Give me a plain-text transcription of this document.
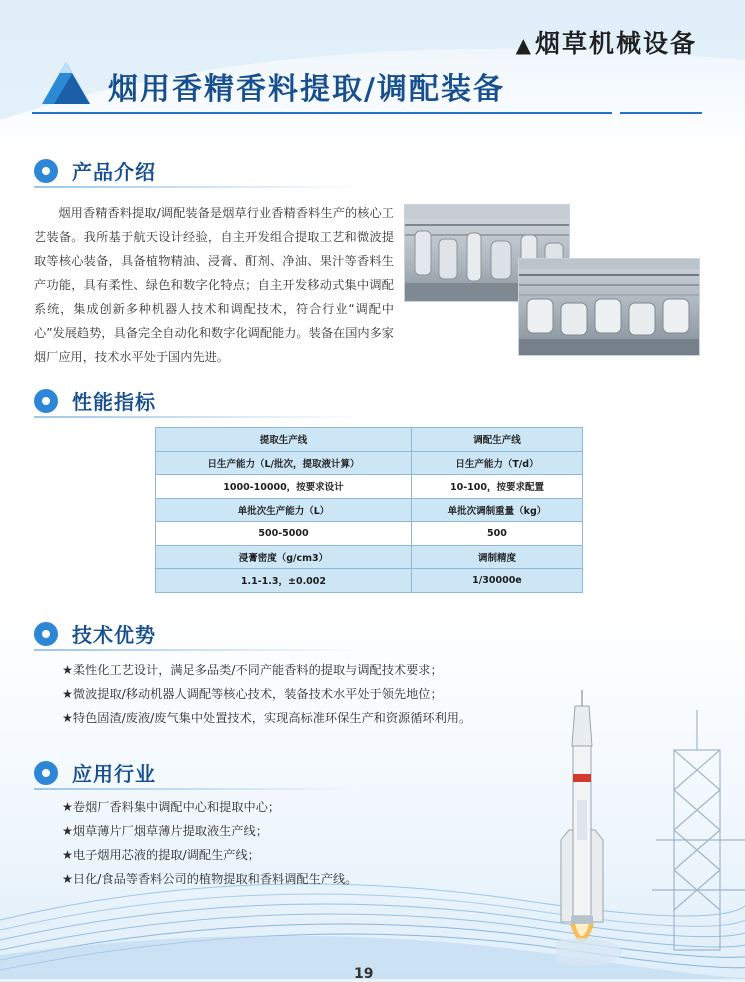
▲烟草机械设备
烟用香精香料提取/调配装备
产品介绍
烟用香精香料提取/调配装备是烟草行业香精香料生产的核心工艺装备。我所基于航天设计经验，自主开发组合提取工艺和微波提取等核心装备，具备植物精油、浸膏、酊剂、净油、果汁等香料生产功能，具有柔性、绿色和数字化特点；自主开发移动式集中调配系统，集成创新多种机器人技术和调配技术，符合行业“调配中心”发展趋势，具备完全自动化和数字化调配能力。装备在国内多家烟厂应用，技术水平处于国内先进。
性能指标
提取生产线	调配生产线
日生产能力（L/批次，提取液计算）	日生产能力（T/d）
1000-10000，按要求设计	10-100，按要求配置
单批次生产能力（L）	单批次调制重量（kg）
500-5000	500
浸膏密度（g/cm3）	调制精度
1.1-1.3，±0.002	1/30000e
技术优势
★柔性化工艺设计，满足多品类/不同产能香料的提取与调配技术要求；
★微波提取/移动机器人调配等核心技术，装备技术水平处于领先地位；
★特色固渣/废液/废气集中处置技术，实现高标准环保生产和资源循环利用。
应用行业
★卷烟厂香料集中调配中心和提取中心；
★烟草薄片厂烟草薄片提取液生产线；
★电子烟用芯液的提取/调配生产线；
★日化/食品等香料公司的植物提取和香料调配生产线。
19
